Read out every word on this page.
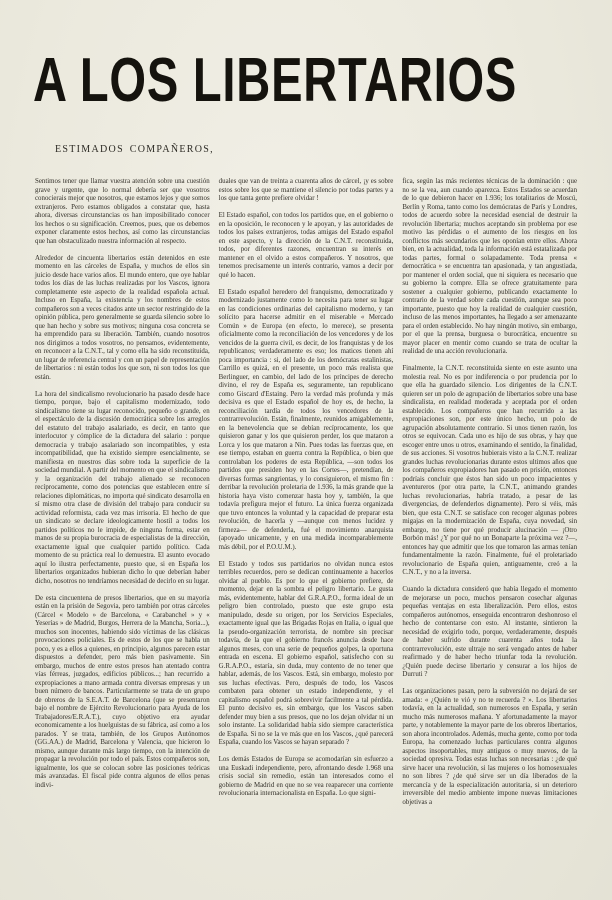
A LOS LIBERTARIOS
ESTIMADOS COMPAÑEROS,

Sentimos tener que llamar vuestra atención sobre una cuestión grave y urgente, que lo normal debería ser que vosotros conocierais mejor que nosotros, que estamos lejos y que somos extranjeros. Pero estamos obligados a constatar que, hasta ahora, diversas circunstancias os han imposibilitado conocer los hechos o su significación. Creemos, pues, que os debemos exponer claramente estos hechos, así como las circunstancias que han obstaculizado nuestra información al respecto.

Alrededor de cincuenta libertarios están detenidos en este momento en las cárceles de España, y muchos de ellos sin juicio desde hace varios años. El mundo entero, que oye hablar todos los días de las luchas realizadas por los Vascos, ignora completamente este aspecto de la realidad española actual. Incluso en España, la existencia y los nombres de estos compañeros son a veces citados ante un sector restringido de la opinión pública, pero generalmente se guarda silencio sobre lo que han hecho y sobre sus motivos; ninguna cosa concreta se ha emprendido para su liberación. También, cuando nosotros nos dirigimos a todos vosotros, no pensamos, evidentemente, en reconocer a la C.N.T., tal y como ella ha sido reconstituida, un lugar de referencia central y con un papel de representación de libertarios : ni están todos los que son, ni son todos los que están.

La hora del sindicalismo revolucionario ha pasado desde hace tiempo, porque, bajo el capitalismo modernizado, todo sindicalismo tiene su lugar reconocido, pequeño o grande, en el espectáculo de la discusión democrática sobre los arreglos del estatuto del trabajo asalariado, es decir, en tanto que interlocutor y cómplice de la dictadura del salario : porque democracia y trabajo asalariado son incompatibles, y esta incompatibilidad, que ha existido siempre esencialmente, se manifiesta en nuestros días sobre toda la superficie de la sociedad mundial. A partir del momento en que el sindicalismo y la organización del trabajo alienado se reconocen recíprocamente, como dos potencias que establecen entre sí relaciones diplomáticas, no importa qué sindicato desarrolla en sí mismo otra clase de división del trabajo para conducir su actividad reformista, cada vez mas irrisoria. El hecho de que un sindicato se declare ideologicamente hostil a todos los partidos políticos no le impide, de ninguna forma, estar en manos de su propia burocracia de especialistas de la dirección, exactamente igual que cualquier partido político. Cada momento de su práctica real lo demuestra. El asunto evocado aquí lo ilustra perfectamente, puesto que, si en España los libertarios organizados hubieran dicho lo que deberían haber dicho, nosotros no tendríamos necesidad de decirlo en su lugar.

De esta cincuentena de presos libertarios, que en su mayoría están en la prisión de Segovia, pero también por otras cárceles (Cárcel « Modelo » de Barcelona, « Carabanchel » y « Yeserías » de Madrid, Burgos, Herrera de la Mancha, Soria...), muchos son inocentes, habiendo sido víctimas de las clásicas provocaciones policiales. Es de estos de los que se habla un poco, y es a ellos a quienes, en principio, algunos parecen estar dispuestos a defender, pero más bien pasivamente. Sin embargo, muchos de entre estos presos han atentado contra vías férreas, juzgados, edificios públicos...; han recurrido a expropiaciones a mano armada contra diversas empresas y un buen número de bancos. Particularmente se trata de un grupo de obreros de la S.E.A.T. de Barcelona (que se presentaron bajo el nombre de Ejército Revolucionario para Ayuda de los Trabajadores/E.R.A.T.), cuyo objetivo era ayudar economicamente a los huelguistas de su fábrica, así como a los parados. Y se trata, también, de los Grupos Autónomos (GG.AA.) de Madrid, Barcelona y Valencia, que hicieron lo mismo, aunque durante más largo tiempo, con la intención de propagar la revolución por todo el país. Estos compañeros son, igualmente, los que se colocan sobre las posiciones teóricas más avanzadas. El fiscal pide contra algunos de ellos penas indivi-

duales que van de treinta a cuarenta años de cárcel, ¡y es sobre estos sobre los que se mantiene el silencio por todas partes y a los que tanta gente prefiere olvidar !

El Estado español, con todos los partidos que, en el gobierno o en la oposición, le reconocen y le apoyan, y las autoridades de todos los países extranjeros, todas amigas del Estado español en este aspecto, y la dirección de la C.N.T. reconstituida, todos, por diferentes razones, encuentran su interés en mantener en el olvido a estos compañeros. Y nosotros, que tenemos precisamente un interés contrario, vamos a decir por qué lo hacen.

El Estado español heredero del franquismo, democratizado y modernizado justamente como lo necesita para tener su lugar en las condiciones ordinarias del capitalismo moderno, y tan solícito para hacerse admitir en el miserable « Mercado Común » de Europa (en efecto, lo merece), se presenta oficialmente como la reconciliación de los vencedores y de los vencidos de la guerra civil, es decir, de los franquistas y de los republicanos; verdaderamente es eso; los matices tienen ahí poca importancia : si, del lado de los demócratas estalinistas, Carrillo es quizá, en el presente, un poco más realista que Berlinguer, en cambio, del lado de los príncipes de derecho divino, el rey de España es, seguramente, tan republicano como Giscard d'Estaing. Pero la verdad más profunda y más decisiva es que el Estado español de hoy es, de hecho, la reconciliación tardía de todos los vencedores de la contrarrevolución. Están, finalmente, reunidos amigablemente, en la benevolencia que se debían recíprocamente, los que quisieron ganar y los que quisieron perder, los que mataron a Lorca y los que mataron a Nin. Pues todas las fuerzas que, en ese tiempo, estaban en guerra contra la República, o bien que controlaban los poderes de esta República, —son todos los partidos que presiden hoy en las Cortes—, pretendían, de diversas formas sangrientas, y lo consiguieron, el mismo fin : derribar la revolución proletaria de 1.936, la más grande que la historia haya visto comenzar hasta hoy y, también, la que todavía prefigura mejor el futuro. La única fuerza organizada que tuvo entonces la voluntad y la capacidad de preparar esta revolución, de hacerla y —aunque con menos lucidez y firmeza— de defenderla, fué el movimiento anarquista (apoyado unicamente, y en una medida incomparablemente más débil, por el P.O.U.M.).

El Estado y todos sus partidarios no olvidan nunca estos terribles recuerdos, pero se dedican continuamente a hacerlos olvidar al pueblo. Es por lo que el gobierno prefiere, de momento, dejar en la sombra el peligro libertario. Le gusta más, evidentemente, hablar del G.R.A.P.O., forma ideal de un peligro bien controlado, puesto que este grupo esta manipulado, desde su origen, por los Servicios Especiales, exactamente igual que las Brigadas Rojas en Italia, o igual que la pseudo-organización terrorista, de nombre sin precisar todavía, de la que el gobierno francés anuncia desde hace algunos meses, con una serie de pequeños golpes, la oportuna entrada en escena. El gobierno español, satisfecho con su G.R.A.P.O., estaría, sin duda, muy contento de no tener que hablar, además, de los Vascos. Está, sin embargo, molesto por sus luchas efectivas. Pero, después de todo, los Vascos combaten para obtener un estado independiente, y el capitalismo español podrá sobrevivir facilmente a tal pérdida. El punto decisivo es, sin embargo, que los Vascos saben defender muy bien a sus presos, que no los dejan olvidar ni un solo instante. La solidaridad había sido siempre característica de España. Si no se la ve más que en los Vascos, ¿qué parecerá España, cuando los Vascos se hayan separado ?

Los demás Estados de Europa se acomodarían sin esfuerzo a una Euskadi independiente, pero, afrontando desde 1.968 una crisis social sin remedio, están tan interesados como el gobierno de Madrid en que no se vea reaparecer una corriente revolucionaria internacionalista en España. Lo que signi-

fica, según las más recientes técnicas de la dominación : que no se la vea, aun cuando aparezca. Estos Estados se acuerdan de lo que debieron hacer en 1.936; los totalitarios de Moscú, Berlín y Roma, tanto como los demócratas de París y Londres, todos de acuerdo sobre la necesidad esencial de destruir la revolución libertaria; muchos aceptando sin problema por ese motivo las pérdidas o el aumento de los riesgos en los conflictos más secundarios que les oponían entre ellos. Ahora bien, en la actualidad, toda la información está estatalizada por todas partes, formal o solapadamente. Toda prensa « democrática » se encuentra tan apasionada, y tan angustiada, por mantener el orden social, que ni siquiera es necesario que su gobierno la compre. Ella se ofrece gratuitamente para sostener a cualquier gobierno, publicando exactamente lo contrario de la verdad sobre cada cuestión, aunque sea poco importante, puesto que hoy la realidad de cualquier cuestión, incluso de las menos importantes, ha llegado a ser amenazante para el orden establecido. No hay ningún motivo, sin embargo, por el que la prensa, burguesa o burocrática, encuentre su mayor placer en mentir como cuando se trata de ocultar la realidad de una acción revolucionaria.

Finalmente, la C.N.T. reconstituida siente en este asunto una molestia real. No es por indiferencia o por prudencia por lo que ella ha guardado silencio. Los dirigentes de la C.N.T. quieren ser un polo de agrupación de libertarios sobre una base sindicalista, en realidad moderada y aceptada por el orden establecido. Los compañeros que han recurrido a las expropiaciones son, por este único hecho, un polo de agrupación absolutamente contrario. Si unos tienen razón, los otros se equivocan. Cada uno es hijo de sus obras, y hay que escoger entre unos u otros, examinando el sentido, la finalidad, de sus acciones. Si vosotros hubierais visto a la C.N.T. realizar grandes luchas revolucionarias durante estos ultimos años que los compañeros expropiadores han pasado en prisión, entonces podríais concluir que éstos han sido un poco impacientes y aventureros (por otra parte, la C.N.T., animando grandes luchas revolucionarias, habría tratado, a pesar de las divergencias, de defenderlos dignamente). Pero si véis, más bien, que esta C.N.T. se satisface con recoger algunas pobres migajas en la modernización de España, cuya novedad, sin embargo, no tiene por qué producir alucinación — ¡Otro Borbón más! ¿Y por qué no un Bonaparte la próxima vez ?—, entonces hay que admitir que los que tomaron las armas tenían fundamentalmente la razón. Finalmente, fué el proletariado revolucionario de España quien, antiguamente, creó a la C.N.T., y no a la inversa.

Cuando la dictadura consideró que había llegado el momento de mejorarse un poco, muchos pensaron cosechar algunas pequeñas ventajas en esta liberalización. Pero ellos, estos compañeros autónomos, enseguida encontraron deshonroso el hecho de contentarse con esto. Al instante, sintieron la necesidad de exigirlo todo, porque, verdaderamente, después de haber sufrido durante cuarenta años toda la contrarrevolución, este ultraje no será vengado antes de haber reafirmado y de haber hecho triunfar toda la revolución. ¿Quién puede decirse libertario y censurar a los hijos de Durruti ?

Las organizaciones pasan, pero la subversión no dejará de ser amada: « ¿Quién te vió y no te recuerda ? ». Los libertarios todavía, en la actualidad, son numerosos en España, y serán mucho más numerosos mañana. Y afortunadamente la mayor parte, y notablemente la mayor parte de los obreros libertarios, son ahora incontrolados. Además, mucha gente, como por toda Europa, ha comenzado luchas particulares contra algunos aspectos insoportables, muy antiguos o muy nuevos, de la sociedad opresiva. Todas estas luchas son necesarias : ¿de qué sirve hacer una revolución, si las mujeres o los homosexuales no son libres ? ¿de qué sirve ser un día liberados de la mercancía y de la especialización autoritaria, si un deterioro irreversible del medio ambiente impone nuevas limitaciones objetivas a
